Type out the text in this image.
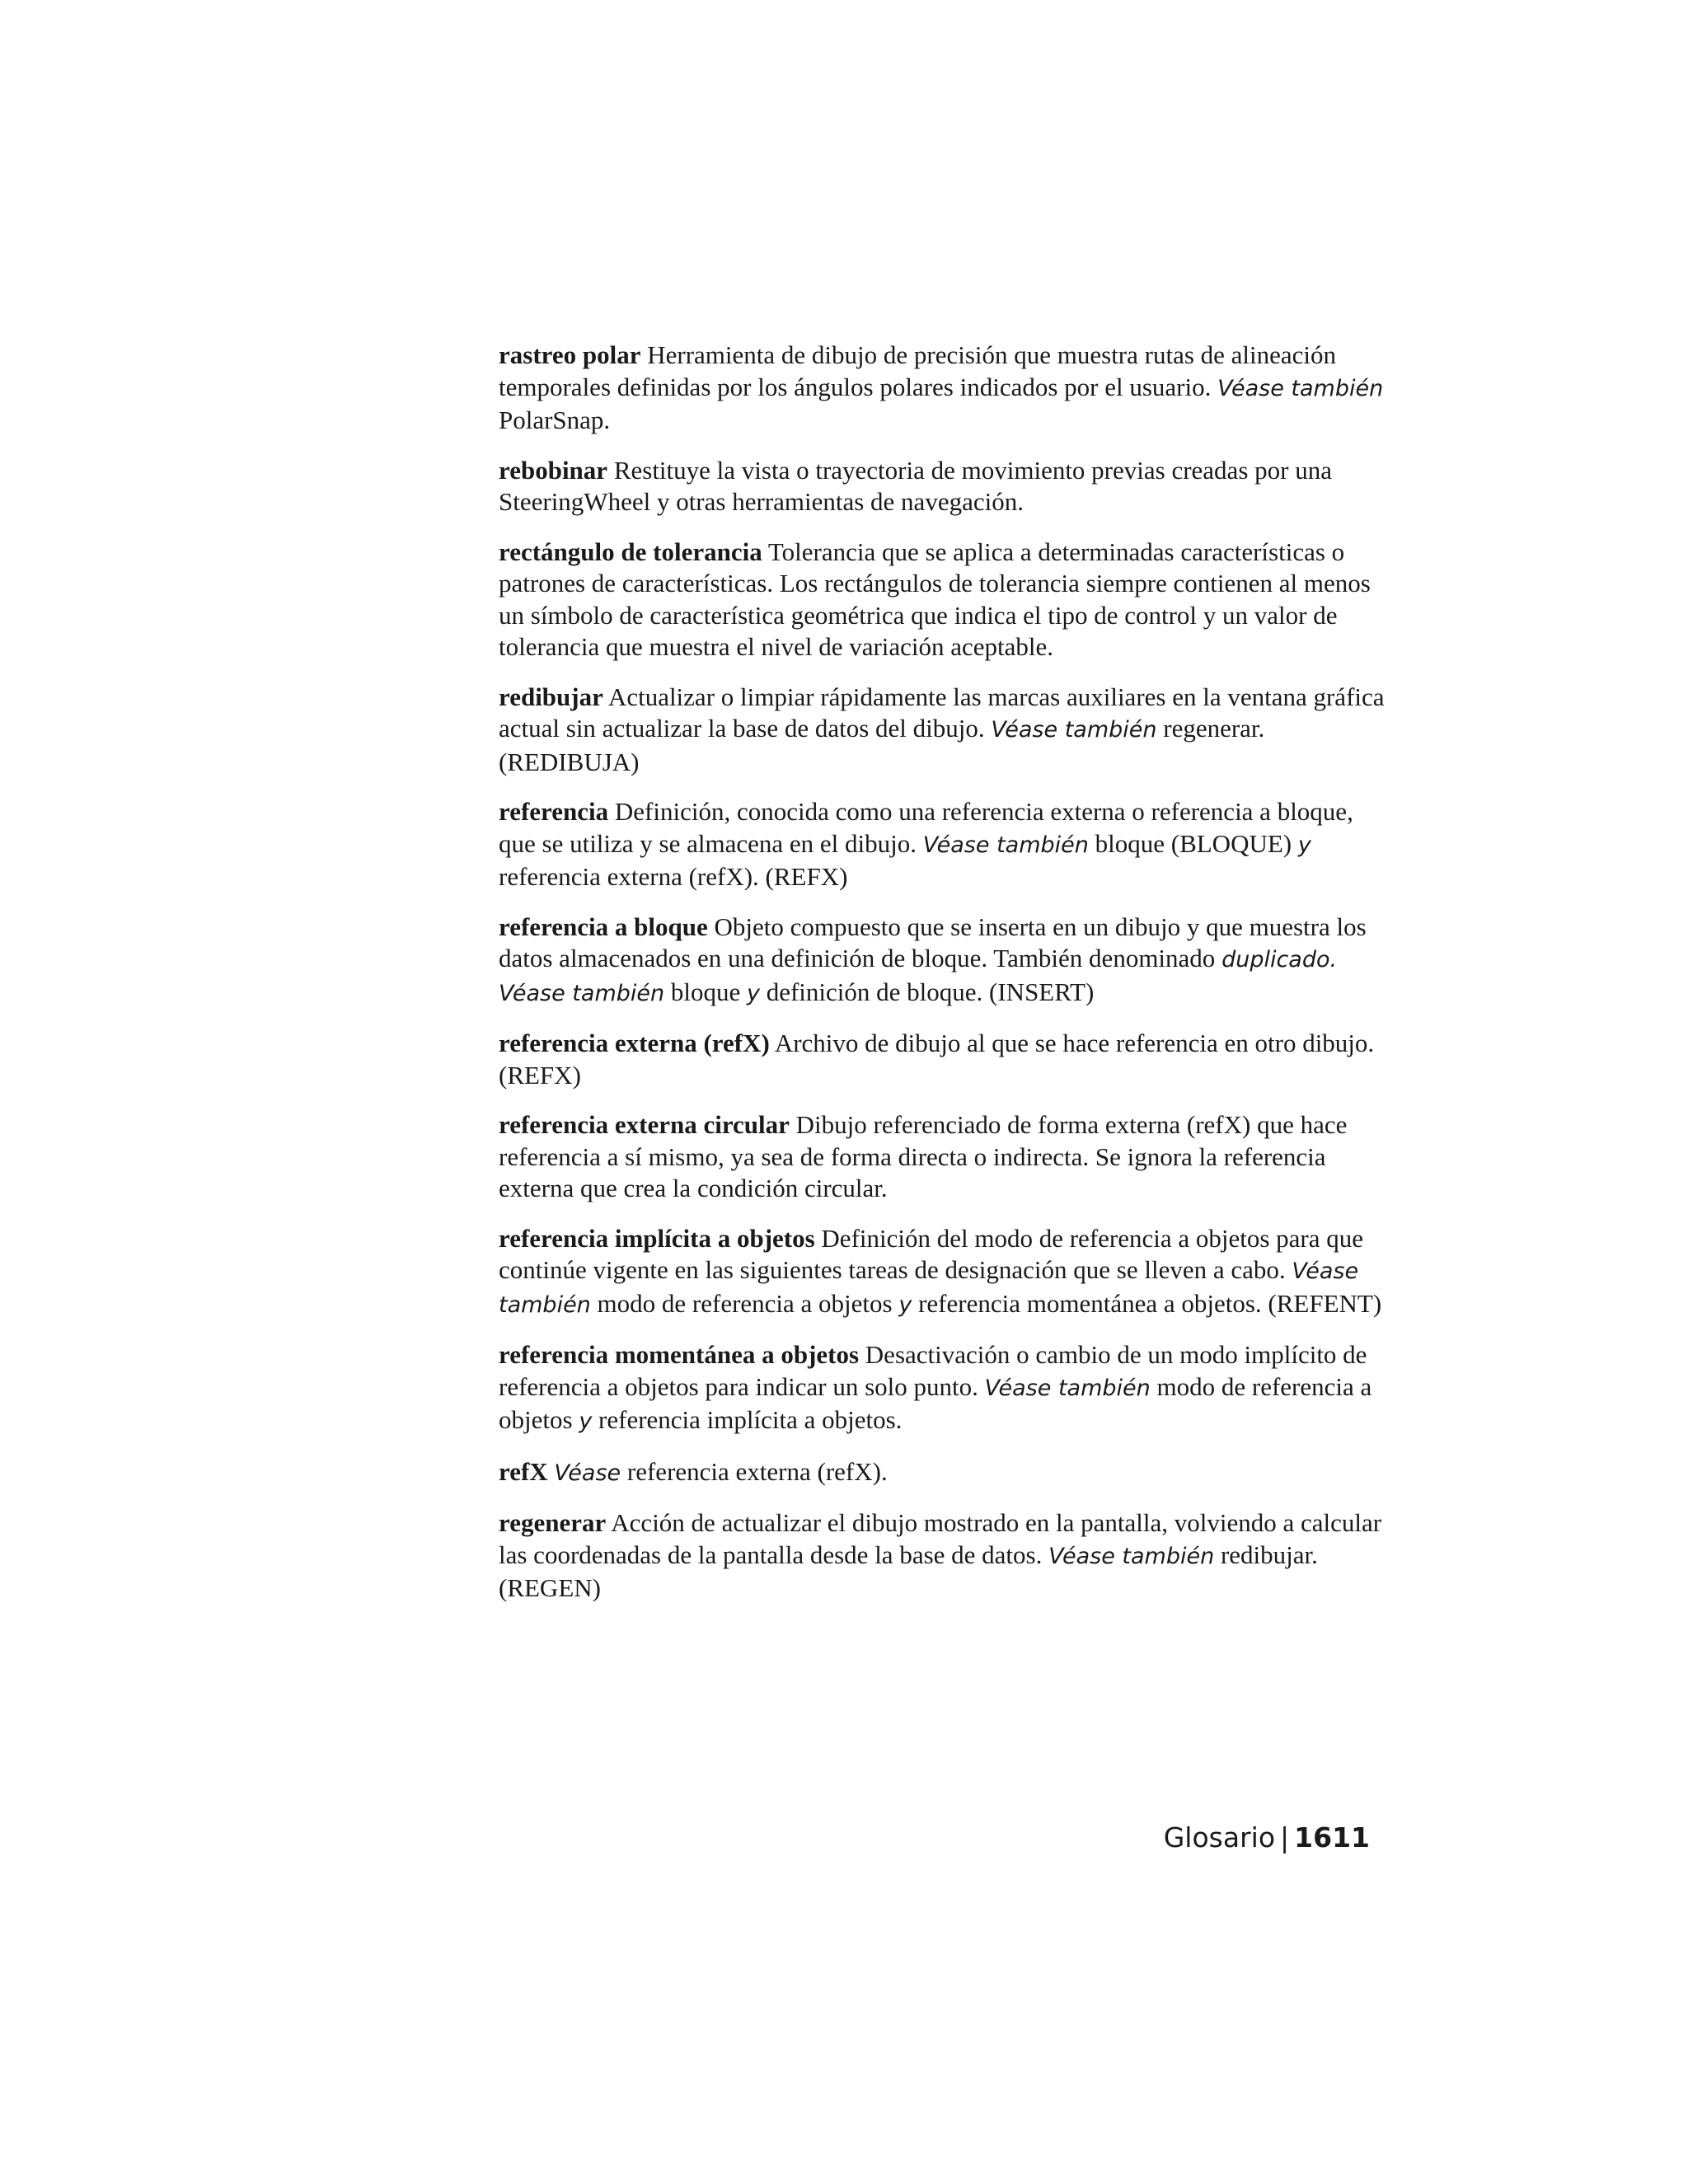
rastreo polar Herramienta de dibujo de precisión que muestra rutas de alineación temporales definidas por los ángulos polares indicados por el usuario. Véase también PolarSnap.

rebobinar Restituye la vista o trayectoria de movimiento previas creadas por una SteeringWheel y otras herramientas de navegación.

rectángulo de tolerancia Tolerancia que se aplica a determinadas características o patrones de características. Los rectángulos de tolerancia siempre contienen al menos un símbolo de característica geométrica que indica el tipo de control y un valor de tolerancia que muestra el nivel de variación aceptable.

redibujar Actualizar o limpiar rápidamente las marcas auxiliares en la ventana gráfica actual sin actualizar la base de datos del dibujo. Véase también regenerar. (REDIBUJA)

referencia Definición, conocida como una referencia externa o referencia a bloque, que se utiliza y se almacena en el dibujo. Véase también bloque (BLOQUE) y referencia externa (refX). (REFX)

referencia a bloque Objeto compuesto que se inserta en un dibujo y que muestra los datos almacenados en una definición de bloque. También denominado duplicado. Véase también bloque y definición de bloque. (INSERT)

referencia externa (refX) Archivo de dibujo al que se hace referencia en otro dibujo. (REFX)

referencia externa circular Dibujo referenciado de forma externa (refX) que hace referencia a sí mismo, ya sea de forma directa o indirecta. Se ignora la referencia externa que crea la condición circular.

referencia implícita a objetos Definición del modo de referencia a objetos para que continúe vigente en las siguientes tareas de designación que se lleven a cabo. Véase también modo de referencia a objetos y referencia momentánea a objetos. (REFENT)

referencia momentánea a objetos Desactivación o cambio de un modo implícito de referencia a objetos para indicar un solo punto. Véase también modo de referencia a objetos y referencia implícita a objetos.

refX Véase referencia externa (refX).

regenerar Acción de actualizar el dibujo mostrado en la pantalla, volviendo a calcular las coordenadas de la pantalla desde la base de datos. Véase también redibujar. (REGEN)

Glosario | 1611
